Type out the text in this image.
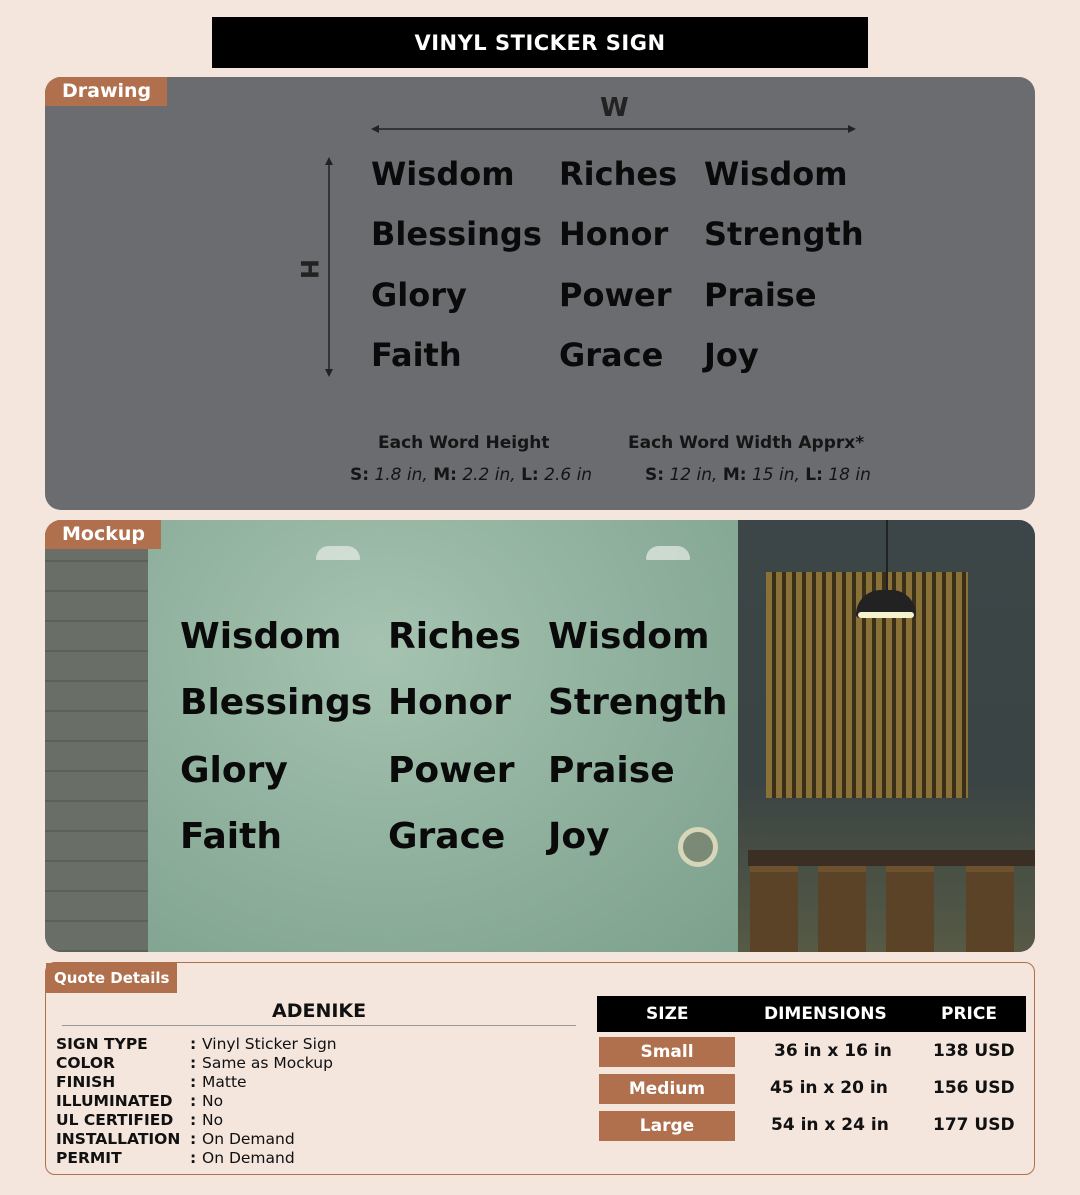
VINYL STICKER SIGN
Drawing
W
H
Wisdom Riches Wisdom
Blessings Honor Strength
Glory	Power Praise
Faith	Grace Joy
Each Word Height
S: 1.8 in, M: 2.2 in, L: 2.6 in
Each Word Width Apprx*
S: 12 in, M: 15 in, L: 18 in
Wisdom Riches Wisdom
Blessings Honor Strength
Glory	Power Praise
Faith	Grace Joy
Mockup
Quote Details
ADENIKE
SIGN TYPE	: Vinyl Sticker Sign
COLOR	: Same as Mockup
FINISH	: Matte
ILLUMINATED : No
UL CERTIFIED : No
INSTALLATION : On Demand
PERMIT	: On Demand
SIZE	DIMENSIONS	PRICE
Small	36 in x 16 in 138 USD
Medium	45 in x 20 in	156 USD
Large	54 in x 24 in	177 USD
